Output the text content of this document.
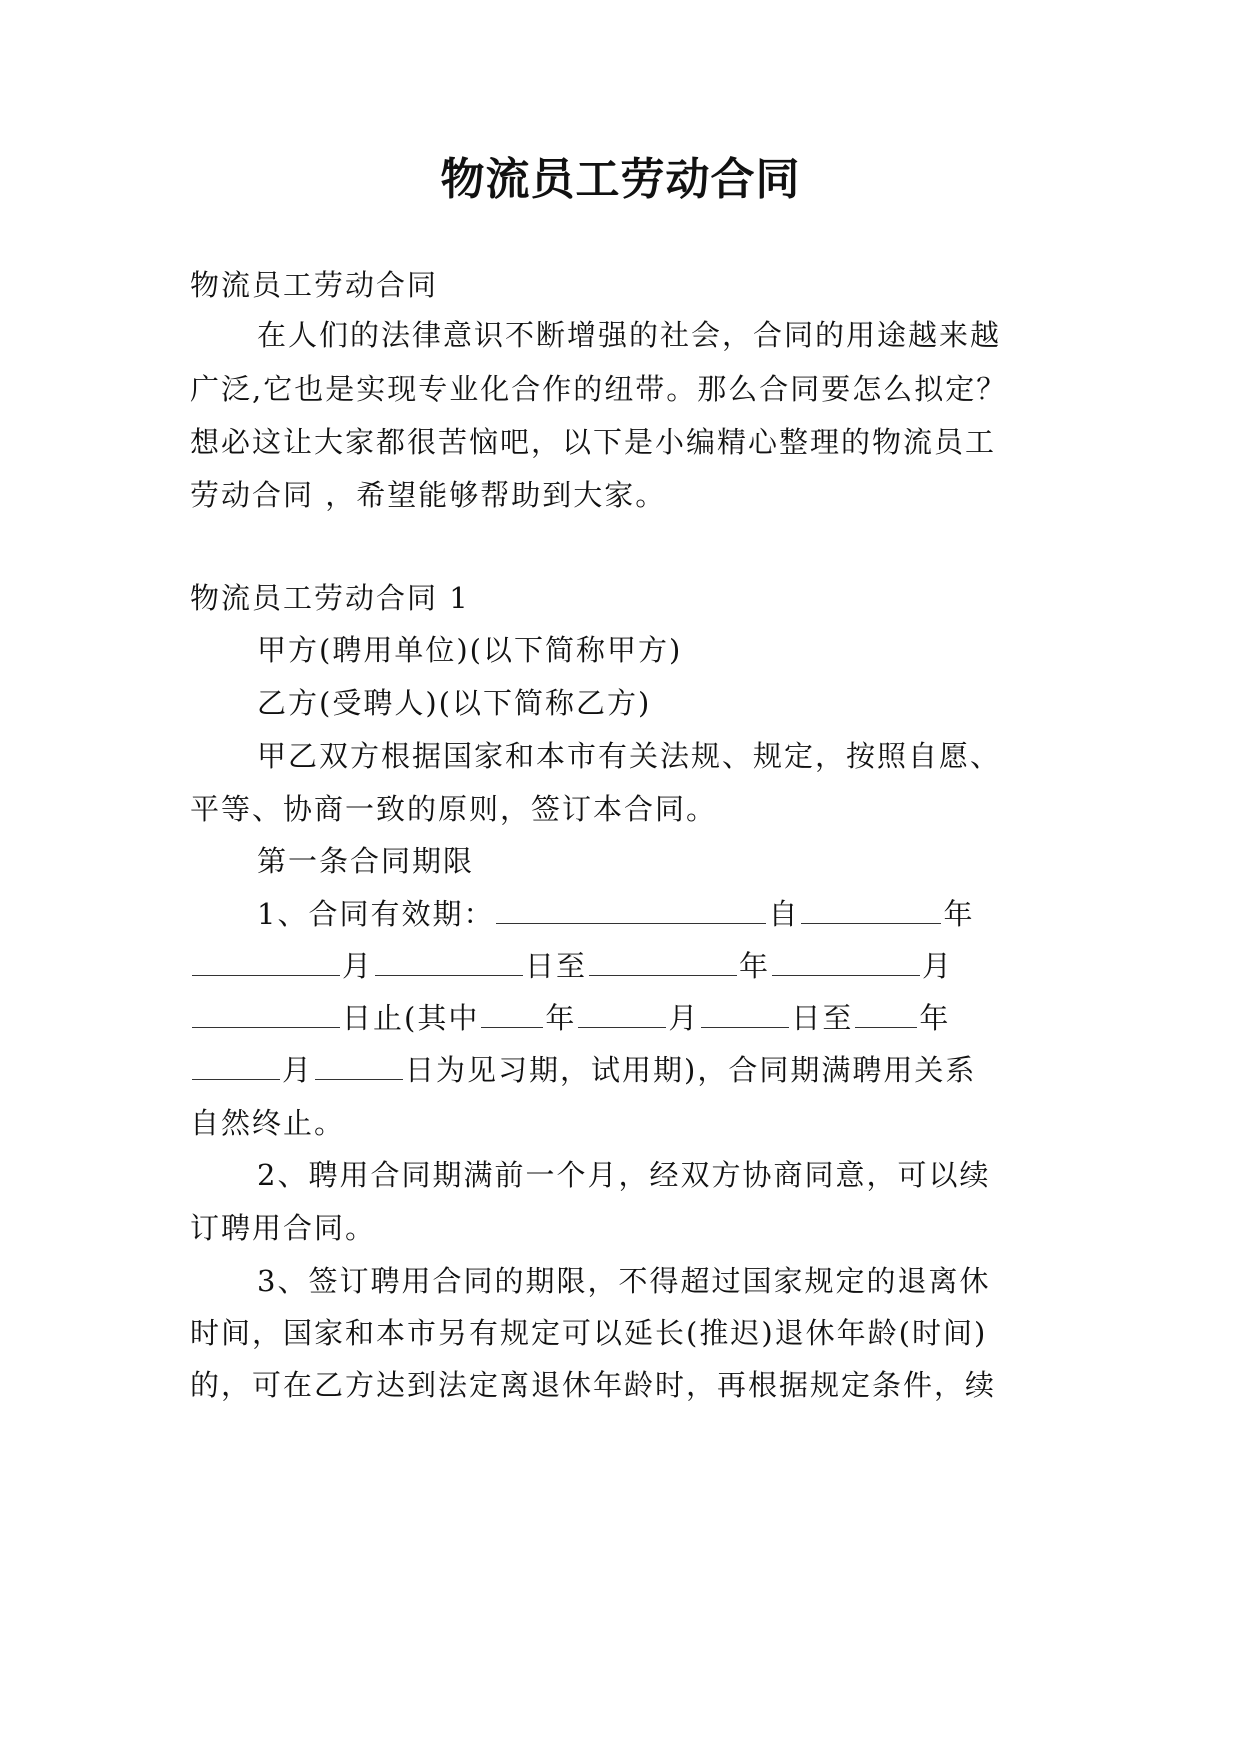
物流员工劳动合同
物流员工劳动合同
在人们的法律意识不断增强的社会，合同的用途越来越
广泛,它也是实现专业化合作的纽带。那么合同要怎么拟定？
想必这让大家都很苦恼吧，以下是小编精心整理的物流员工
劳动合同 ，希望能够帮助到大家。
物流员工劳动合同 1
甲方(聘用单位)(以下简称甲方)
乙方(受聘人)(以下简称乙方)
甲乙双方根据国家和本市有关法规、规定，按照自愿、
平等、协商一致的原则，签订本合同。
第一条合同期限
1、合同有效期：	自	年
月	日至	年	月
日止(其中 年	月	日至 年
月	日为见习期，试用期)，合同期满聘用关系
自然终止。
2、聘用合同期满前一个月，经双方协商同意，可以续
订聘用合同。
3、签订聘用合同的期限，不得超过国家规定的退离休
时间，国家和本市另有规定可以延长(推迟)退休年龄(时间)
的，可在乙方达到法定离退休年龄时，再根据规定条件，续
